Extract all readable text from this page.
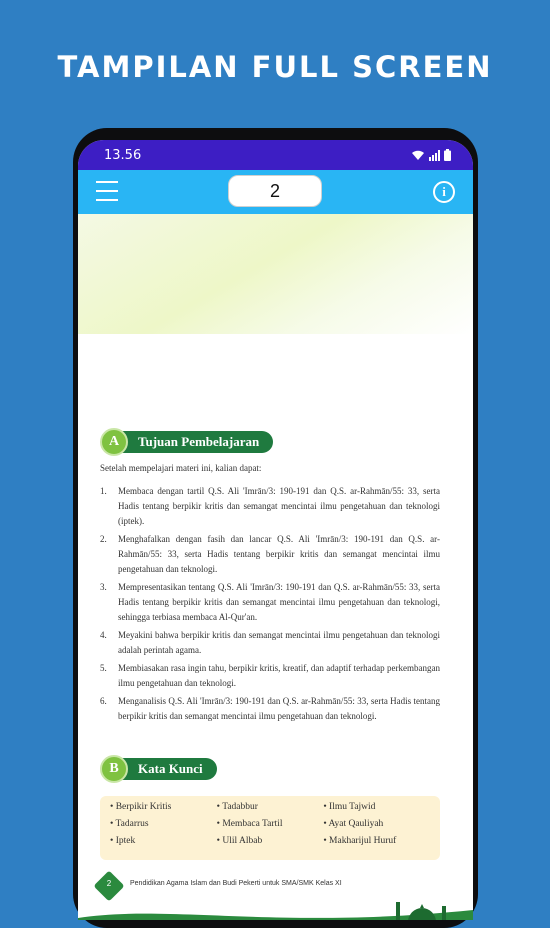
TAMPILAN FULL SCREEN
13.56
2	i
A	Tujuan Pembelajaran
Setelah mempelajari materi ini, kalian dapat:
1.	Membaca dengan tartil Q.S. Ali 'Imrān/3: 190-191 dan Q.S. ar-Rahmān/55: 33, serta Hadis tentang berpikir kritis dan semangat mencintai ilmu pengetahuan dan teknologi (iptek).
2.	Menghafalkan dengan fasih dan lancar Q.S. Ali 'Imrān/3: 190-191 dan Q.S. ar-Rahmān/55: 33, serta Hadis tentang berpikir kritis dan semangat mencintai ilmu pengetahuan dan teknologi.
3.	Mempresentasikan tentang Q.S. Ali 'Imrān/3: 190-191 dan Q.S. ar-Rahmān/55: 33, serta Hadis tentang berpikir kritis dan semangat mencintai ilmu pengetahuan dan teknologi, sehingga terbiasa membaca Al-Qur'an.
4.	Meyakini bahwa berpikir kritis dan semangat mencintai ilmu pengetahuan dan teknologi adalah perintah agama.
5.	Membiasakan rasa ingin tahu, berpikir kritis, kreatif, dan adaptif terhadap perkembangan ilmu pengetahuan dan teknologi.
6.	Menganalisis Q.S. Ali 'Imrān/3: 190-191 dan Q.S. ar-Rahmān/55: 33, serta Hadis tentang berpikir kritis dan semangat mencintai ilmu pengetahuan dan teknologi.
B	Kata Kunci
• Berpikir Kritis	• Tadabbur	• Ilmu Tajwid
• Tadarrus	• Membaca Tartil	• Ayat Qauliyah
• Iptek	• Ulil Albab	• Makharijul Huruf
2	Pendidikan Agama Islam dan Budi Pekerti untuk SMA/SMK Kelas XI
